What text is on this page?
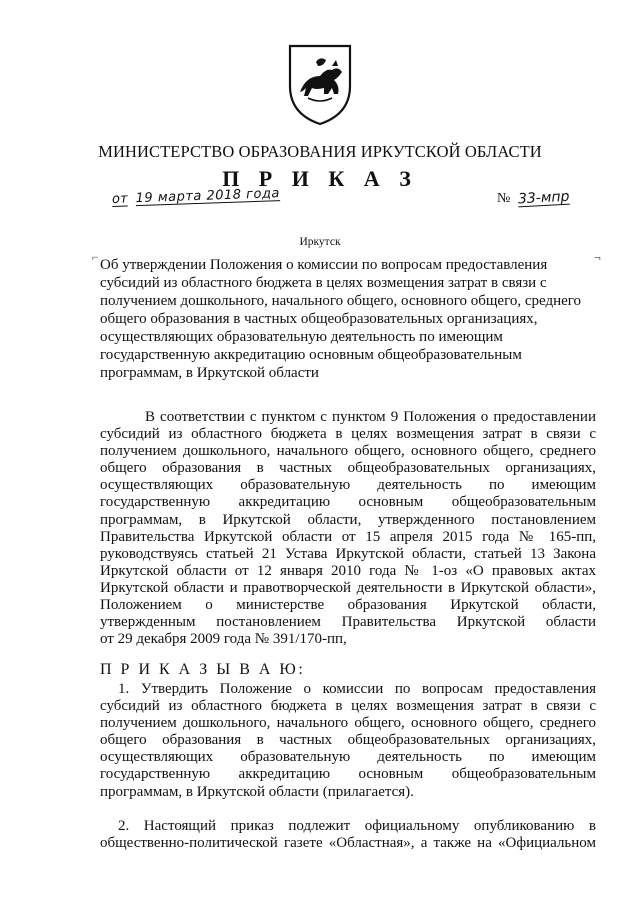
МИНИСТЕРСТВО ОБРАЗОВАНИЯ ИРКУТСКОЙ ОБЛАСТИ
П Р И К А З
от 19 марта 2018 года	№ 33-мпр
Иркутск
⌐	¬
Об утверждении Положения о комиссии по вопросам предоставления
субсидий из областного бюджета в целях возмещения затрат в связи с
получением дошкольного, начального общего, основного общего, среднего
общего образования в частных общеобразовательных организациях,
осуществляющих образовательную деятельность по имеющим
государственную аккредитацию основным общеобразовательным
программам, в Иркутской области
В соответствии с пунктом с пунктом 9 Положения о предоставлении
субсидий из областного бюджета в целях возмещения затрат в связи с
получением дошкольного, начального общего, основного общего, среднего
общего образования в частных общеобразовательных организациях,
осуществляющих образовательную деятельность по имеющим
государственную аккредитацию основным общеобразовательным
программам, в Иркутской области, утвержденного постановлением
Правительства Иркутской области от 15 апреля 2015 года № 165-пп,
руководствуясь статьей 21 Устава Иркутской области, статьей 13 Закона
Иркутской области от 12 января 2010 года № 1-оз «О правовых актах
Иркутской области и правотворческой деятельности в Иркутской области»,
Положением о министерстве образования Иркутской области,
утвержденным постановлением Правительства Иркутской области
от 29 декабря 2009 года № 391/170-пп,
П Р И К А З Ы В А Ю:
1. Утвердить Положение о комиссии по вопросам предоставления
субсидий из областного бюджета в целях возмещения затрат в связи с
получением дошкольного, начального общего, основного общего, среднего
общего образования в частных общеобразовательных организациях,
осуществляющих образовательную деятельность по имеющим
государственную аккредитацию основным общеобразовательным
программам, в Иркутской области (прилагается).
2. Настоящий приказ подлежит официальному опубликованию в
общественно-политической газете «Областная», а также на «Официальном
